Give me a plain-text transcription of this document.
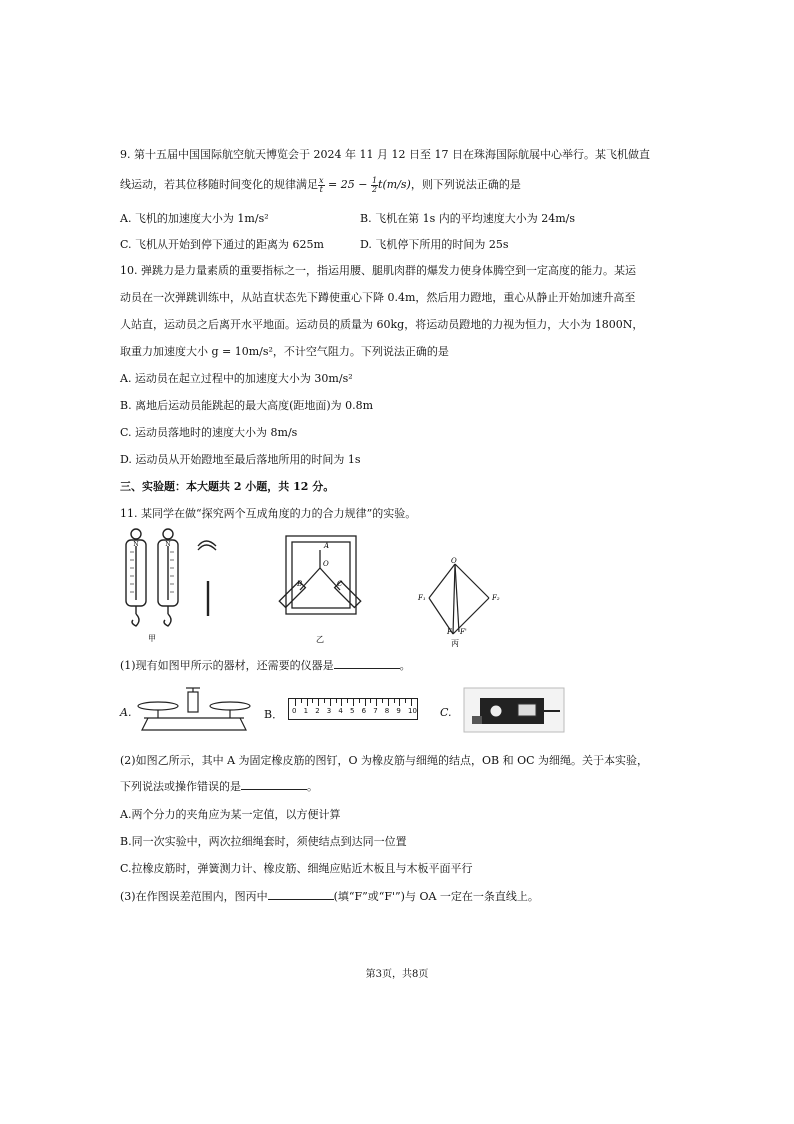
9. 第十五届中国国际航空航天博览会于 2024 年 11 月 12 日至 17 日在珠海国际航展中心举行。某飞机做直
线运动，若其位移随时间变化的规律满足 $\frac{x}{t} = 25 - \frac{1}{2} t(m/s)$，则下列说法正确的是
A. 飞机的加速度大小为 1m/s²	B. 飞机在第 1s 内的平均速度大小为 24m/s
C. 飞机从开始到停下通过的距离为 625m	D. 飞机停下所用的时间为 25s
10. 弹跳力是力量素质的重要指标之一，指运用腰、腿肌肉群的爆发力使身体腾空到一定高度的能力。某运
动员在一次弹跳训练中，从站直状态先下蹲使重心下降 0.4m，然后用力蹬地，重心从静止开始加速升高至
人站直，运动员之后离开水平地面。运动员的质量为 60kg，将运动员蹬地的力视为恒力，大小为 1800N，
取重力加速度大小 g = 10m/s²，不计空气阻力。下列说法正确的是
A. 运动员在起立过程中的加速度大小为 30m/s²
B. 离地后运动员能跳起的最大高度(距地面)为 0.8m
C. 运动员落地时的速度大小为 8m/s
D. 运动员从开始蹬地至最后落地所用的时间为 1s
三、实验题：本大题共 2 小题，共 12 分。
11. 某同学在做“探究两个互成角度的力的合力规律”的实验。
N	N
甲
A
O
B	C
乙
O
F₁	F₂
F F'
丙
(1)现有如图甲所示的器材，还需要的仪器是	。
A.	B． 0 1 2 3 4 5 6 7 8 9 10 C.
(2)如图乙所示，其中 A 为固定橡皮筋的图钉，O 为橡皮筋与细绳的结点，OB 和 OC 为细绳。关于本实验，
下列说法或操作错误的是	。
A.两个分力的夹角应为某一定值，以方便计算
B.同一次实验中，两次拉细绳套时，须使结点到达同一位置
C.拉橡皮筋时，弹簧测力计、橡皮筋、细绳应贴近木板且与木板平面平行
(3)在作图误差范围内，图丙中	(填“F”或“F'”)与 OA 一定在一条直线上。
第3页，共8页
